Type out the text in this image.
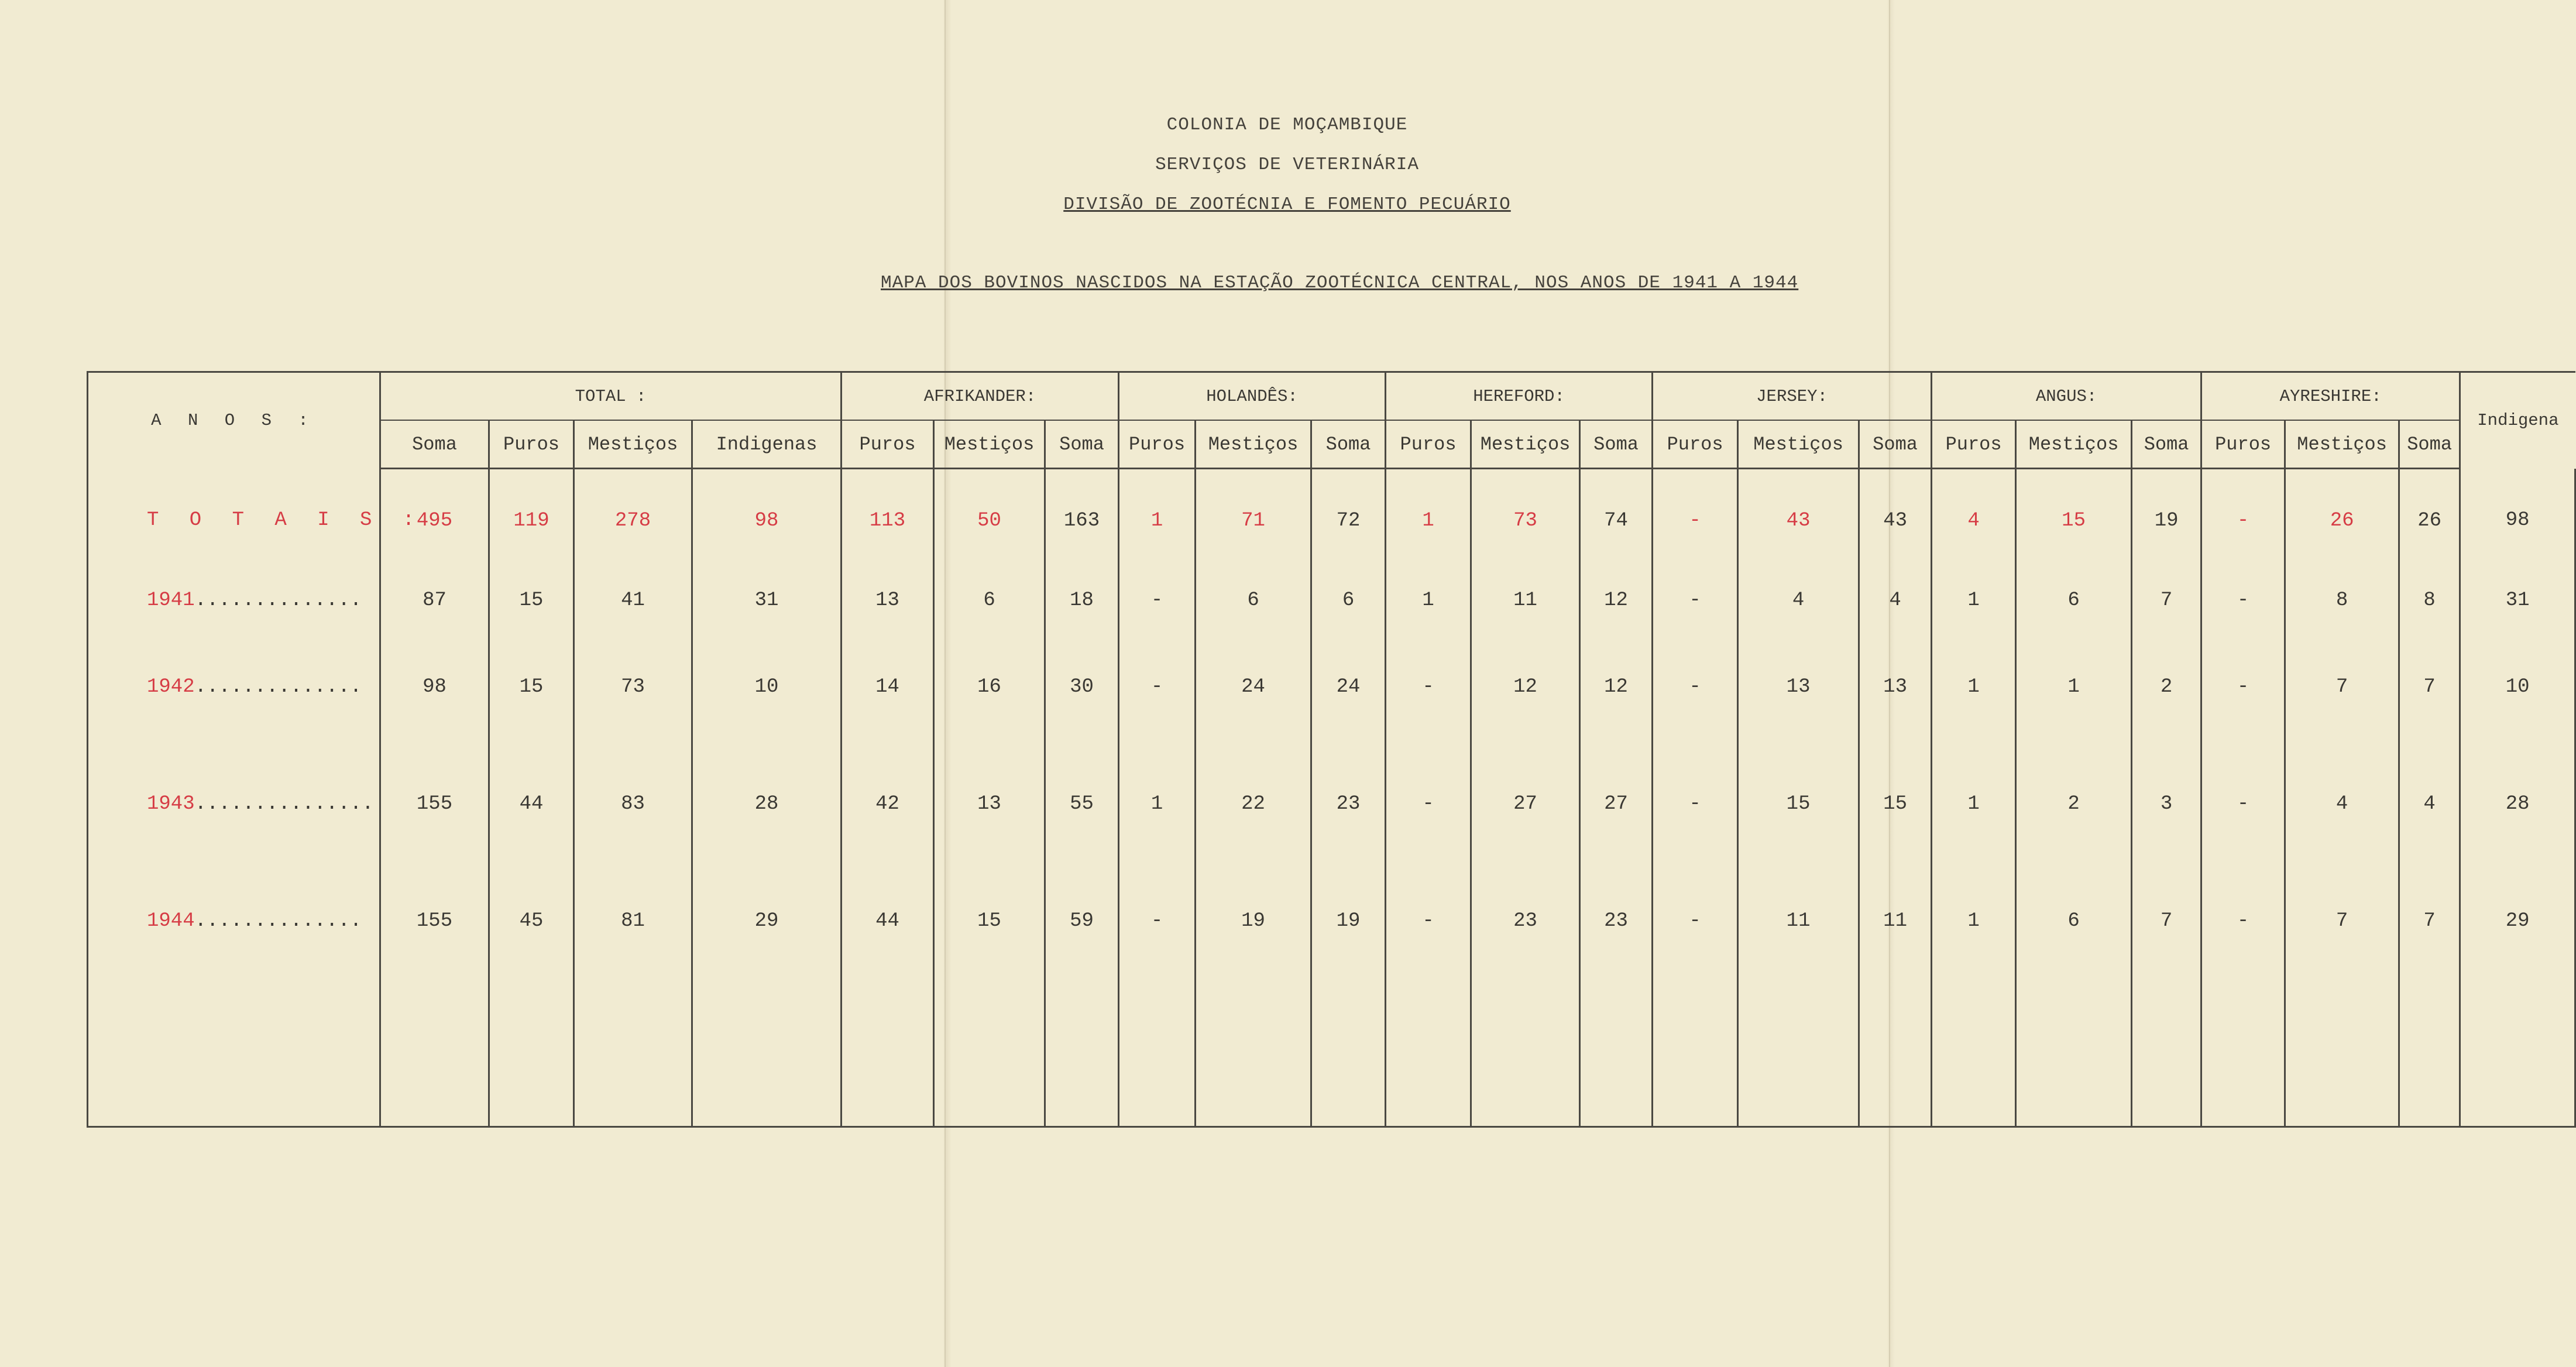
COLONIA DE MOÇAMBIQUE
SERVIÇOS DE VETERINÁRIA
DIVISÃO DE ZOOTÉCNIA E FOMENTO PECUÁRIO
MAPA DOS BOVINOS NASCIDOS NA ESTAÇÃO ZOOTÉCNICA CENTRAL, NOS ANOS DE 1941 A 1944
A N O S :	TOTAL :				AFRIKANDER:			HOLANDÊS:			HEREFORD:			JERSEY:			ANGUS:			AYRESHIRE:			Indigena
	Soma	Puros	Mestiços	Indigenas	Puros	Mestiços	Soma	Puros	Mestiços	Soma	Puros	Mestiços	Soma	Puros	Mestiços	Soma	Puros	Mestiços	Soma	Puros	Mestiços	Soma	
T O T A I S :	495	119	278	98	113	50	163	1	71	72	1	73	74	-	43	43	4	15	19	-	26	26	98
1941..............	87	15	41	31	13	6	18	-	6	6	1	11	12	-	4	4	1	6	7	-	8	8	31
1942..............	98	15	73	10	14	16	30	-	24	24	-	12	12	-	13	13	1	1	2	-	7	7	10
1943...............	155	44	83	28	42	13	55	1	22	23	-	27	27	-	15	15	1	2	3	-	4	4	28
1944..............	155	45	81	29	44	15	59	-	19	19	-	23	23	-	11	11	1	6	7	-	7	7	29
